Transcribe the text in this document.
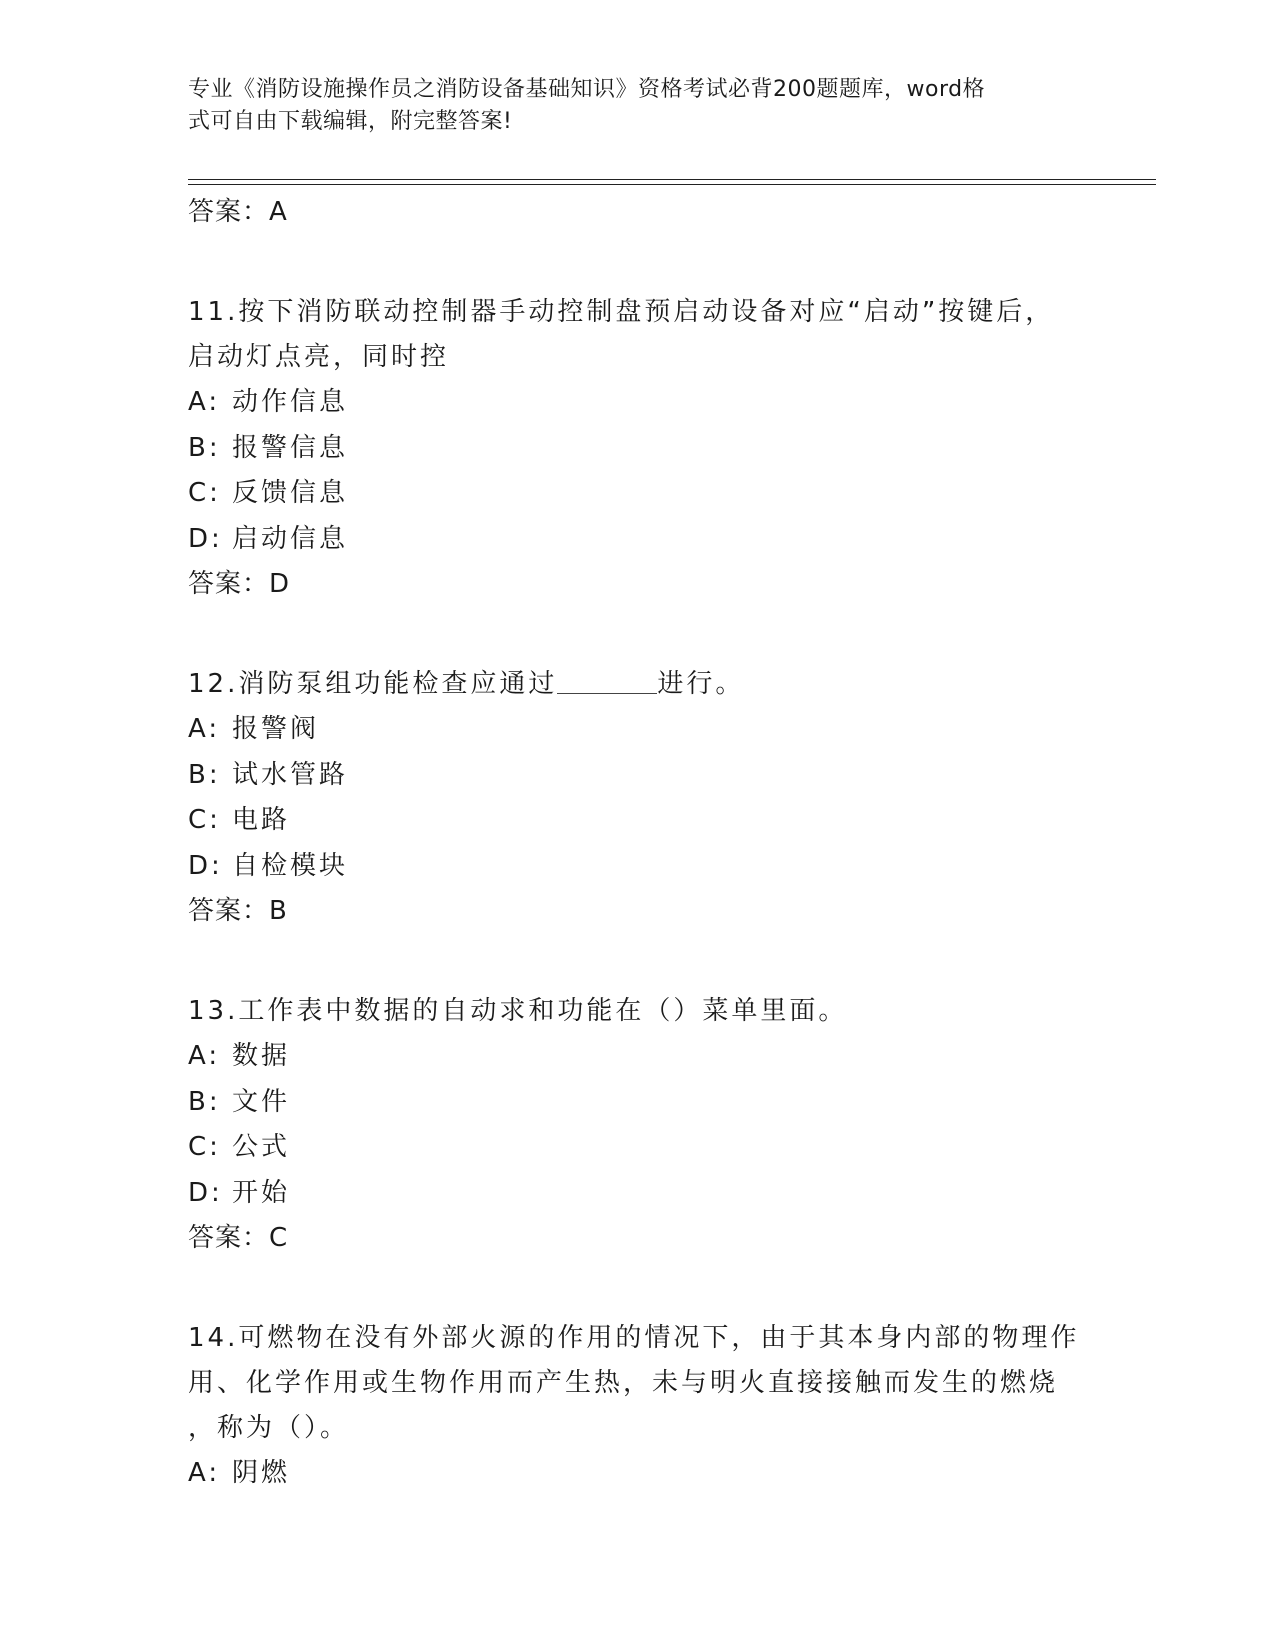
专业《消防设施操作员之消防设备基础知识》资格考试必背200题题库，word格
式可自由下载编辑，附完整答案!
答案：A
11.按下消防联动控制器手动控制盘预启动设备对应“启动”按键后，
启动灯点亮，同时控
A: 动作信息
B: 报警信息
C: 反馈信息
D: 启动信息
答案：D
12.消防泵组功能检查应通过	进行。
A: 报警阀
B: 试水管路
C: 电路
D: 自检模块
答案：B
13.工作表中数据的自动求和功能在（）菜单里面。
A: 数据
B: 文件
C: 公式
D: 开始
答案：C
14.可燃物在没有外部火源的作用的情况下，由于其本身内部的物理作
用、化学作用或生物作用而产生热，未与明火直接接触而发生的燃烧
，称为（）。
A: 阴燃
